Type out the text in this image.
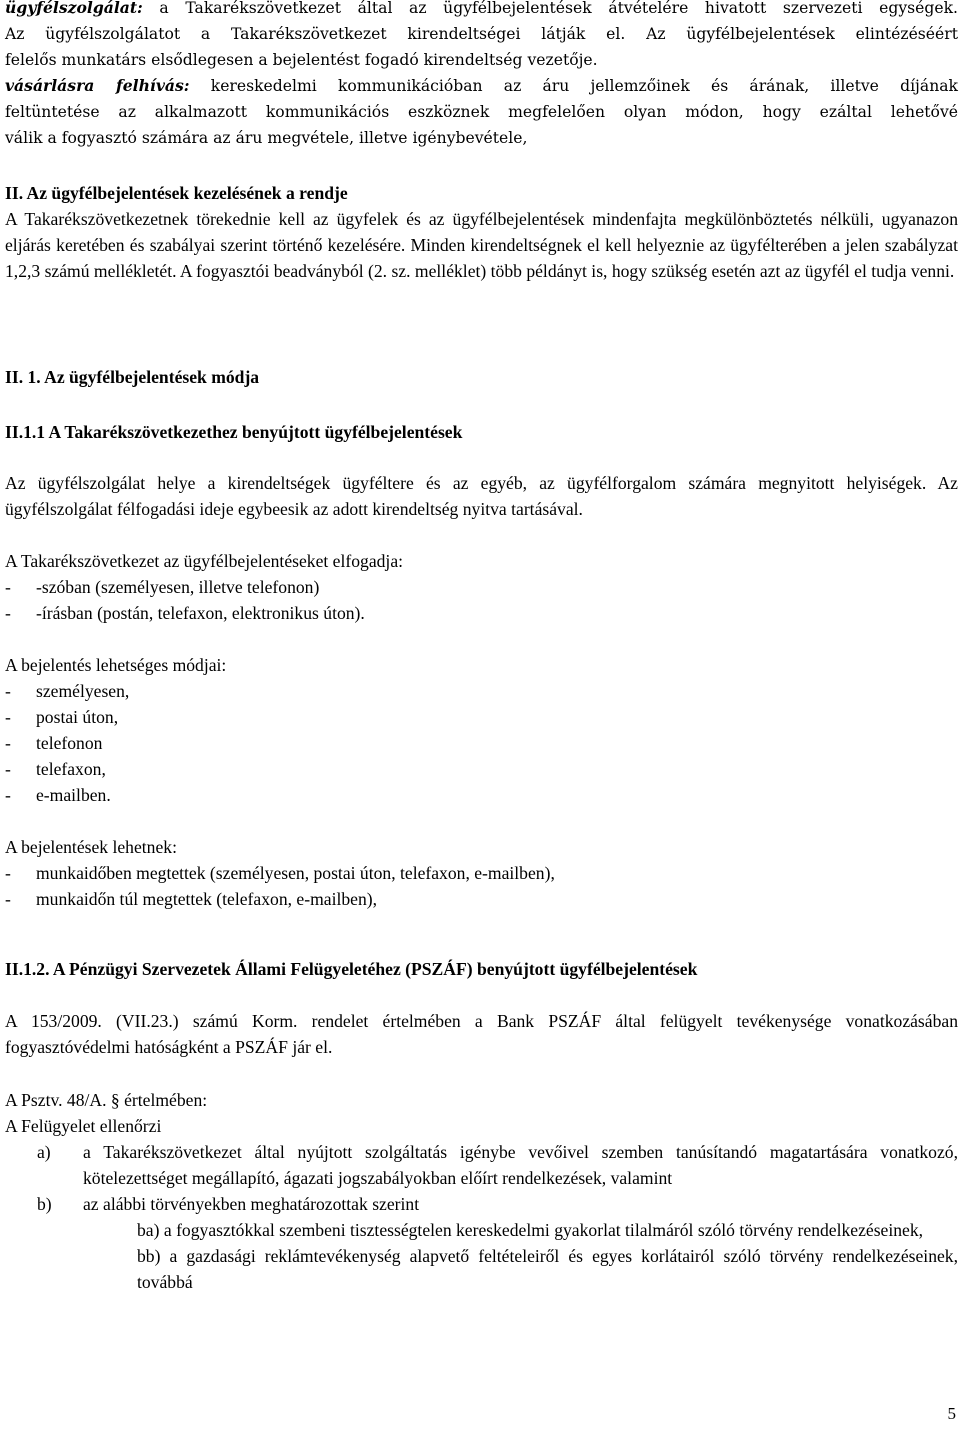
ügyfélszolgálat: a Takarékszövetkezet által az ügyfélbejelentések átvételére hivatott szervezeti egységek.

Az ügyfélszolgálatot a Takarékszövetkezet kirendeltségei látják el. Az ügyfélbejelentések elintézéséért

felelős munkatárs elsődlegesen a bejelentést fogadó kirendeltség vezetője.

vásárlásra felhívás: kereskedelmi kommunikációban az áru jellemzőinek és árának, illetve díjának

feltüntetése az alkalmazott kommunikációs eszköznek megfelelően olyan módon, hogy ezáltal lehetővé

válik a fogyasztó számára az áru megvétele, illetve igénybevétele,

II. Az ügyfélbejelentések kezelésének a rendje

A Takarékszövetkezetnek törekednie kell az ügyfelek és az ügyfélbejelentések mindenfajta megkülönböztetés nélküli, ugyanazon eljárás keretében és szabályai szerint történő kezelésére. Minden kirendeltségnek el kell helyeznie az ügyfélterében a jelen szabályzat 1,2,3 számú mellékletét. A fogyasztói beadványból (2. sz. melléklet) több példányt is, hogy szükség esetén azt az ügyfél el tudja venni.

II. 1. Az ügyfélbejelentések módja

II.1.1 A Takarékszövetkezethez benyújtott ügyfélbejelentések

Az ügyfélszolgálat helye a kirendeltségek ügyféltere és az egyéb, az ügyfélforgalom számára megnyitott helyiségek. Az ügyfélszolgálat félfogadási ideje egybeesik az adott kirendeltség nyitva tartásával.

A Takarékszövetkezet az ügyfélbejelentéseket elfogadja:

-	-szóban (személyesen, illetve telefonon)
-	-írásban (postán, telefaxon, elektronikus úton).

A bejelentés lehetséges módjai:

-	személyesen,
-	postai úton,
-	telefonon
-	telefaxon,
-	e-mailben.

A bejelentések lehetnek:

-	munkaidőben megtettek (személyesen, postai úton, telefaxon, e-mailben),
-	munkaidőn túl megtettek (telefaxon, e-mailben),

II.1.2. A Pénzügyi Szervezetek Állami Felügyeletéhez (PSZÁF) benyújtott ügyfélbejelentések

A 153/2009. (VII.23.) számú Korm. rendelet értelmében a Bank PSZÁF által felügyelt tevékenysége vonatkozásában fogyasztóvédelmi hatóságként a PSZÁF jár el.

A Psztv. 48/A. § értelmében:

A Felügyelet ellenőrzi

a)	a Takarékszövetkezet által nyújtott szolgáltatás igénybe vevőivel szemben tanúsítandó magatartására vonatkozó, kötelezettséget megállapító, ágazati jogszabályokban előírt rendelkezések, valamint
b)	az alábbi törvényekben meghatározottak szerint

ba) a fogyasztókkal szembeni tisztességtelen kereskedelmi gyakorlat tilalmáról szóló törvény rendelkezéseinek,

bb) a gazdasági reklámtevékenység alapvető feltételeiről és egyes korlátairól szóló törvény rendelkezéseinek, továbbá

5
